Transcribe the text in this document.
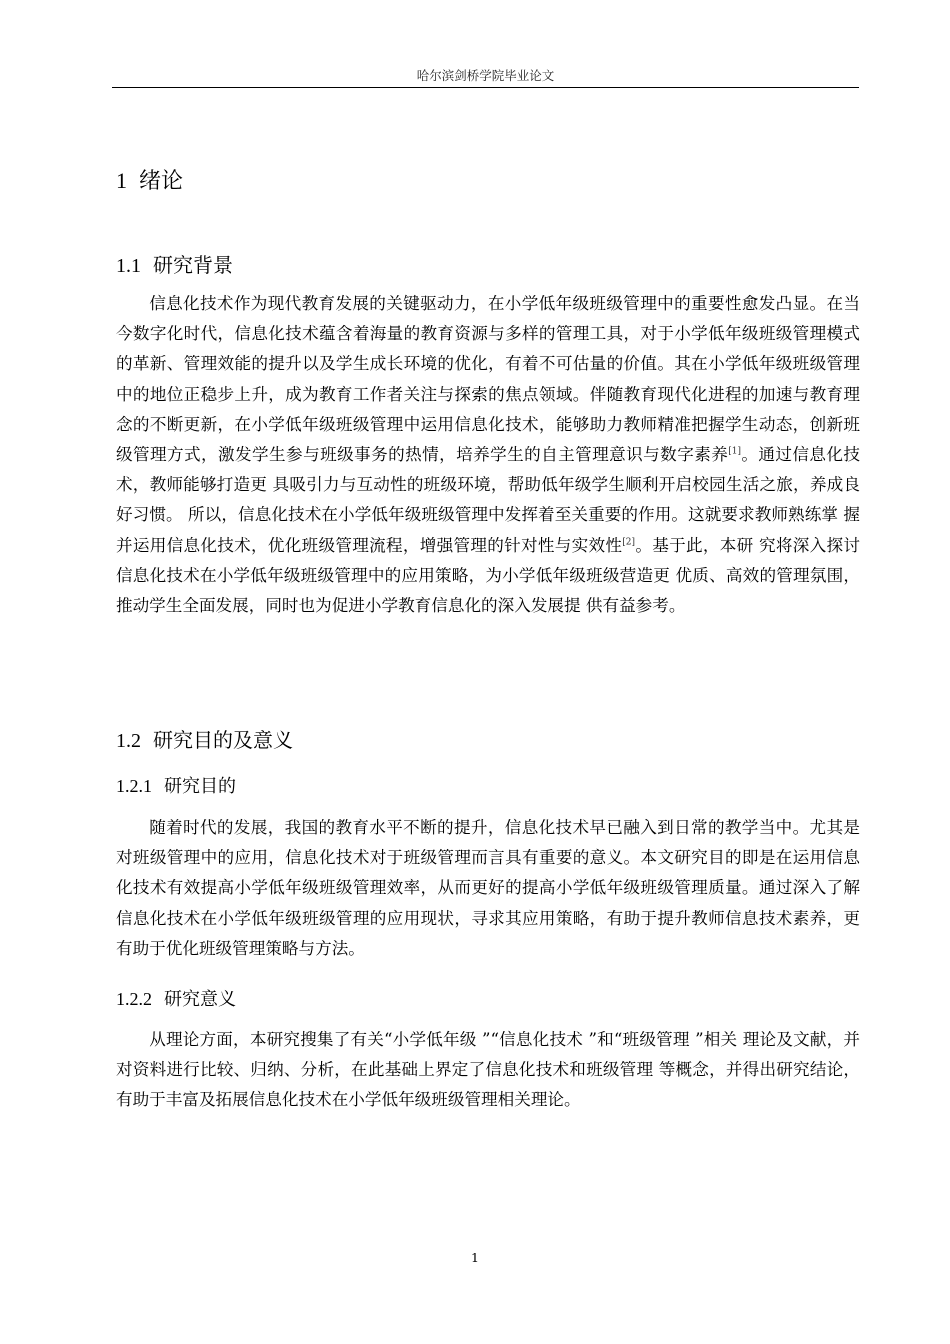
哈尔滨剑桥学院毕业论文
1 绪论
1.1 研究背景

信息化技术作为现代教育发展的关键驱动力，在小学低年级班级管理中的重要性愈发凸显。在当今数字化时代，信息化技术蕴含着海量的教育资源与多样的管理工具，对于小学低年级班级管理模式的革新、管理效能的提升以及学生成长环境的优化，有着不可估量的价值。其在小学低年级班级管理中的地位正稳步上升，成为教育工作者关注与探索的焦点领域。伴随教育现代化进程的加速与教育理念的不断更新，在小学低年级班级管理中运用信息化技术，能够助力教师精准把握学生动态，创新班级管理方式，激发学生参与班级事务的热情，培养学生的自主管理意识与数字素养[1]。通过信息化技术，教师能够打造更 具吸引力与互动性的班级环境，帮助低年级学生顺利开启校园生活之旅，养成良好习惯。 所以，信息化技术在小学低年级班级管理中发挥着至关重要的作用。这就要求教师熟练掌 握并运用信息化技术，优化班级管理流程，增强管理的针对性与实效性[2]。基于此，本研 究将深入探讨信息化技术在小学低年级班级管理中的应用策略，为小学低年级班级营造更 优质、高效的管理氛围，推动学生全面发展，同时也为促进小学教育信息化的深入发展提 供有益参考。

1.2 研究目的及意义
1.2.1 研究目的

随着时代的发展，我国的教育水平不断的提升，信息化技术早已融入到日常的教学当中。尤其是对班级管理中的应用，信息化技术对于班级管理而言具有重要的意义。本文研究目的即是在运用信息化技术有效提高小学低年级班级管理效率，从而更好的提高小学低年级班级管理质量。通过深入了解信息化技术在小学低年级班级管理的应用现状，寻求其应用策略，有助于提升教师信息技术素养，更有助于优化班级管理策略与方法。

1.2.2 研究意义

从理论方面，本研究搜集了有关“小学低年级 ”“信息化技术 ”和“班级管理 ”相关 理论及文献，并对资料进行比较、归纳、分析，在此基础上界定了信息化技术和班级管理 等概念，并得出研究结论，有助于丰富及拓展信息化技术在小学低年级班级管理相关理论。

1
